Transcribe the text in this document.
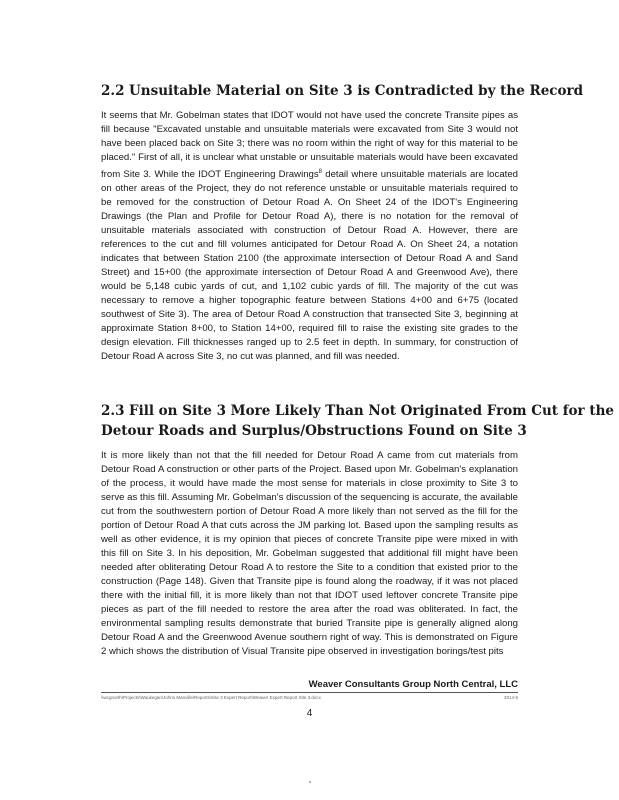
2.2 Unsuitable Material on Site 3 is Contradicted by the Record

It seems that Mr. Gobelman states that IDOT would not have used the concrete Transite pipes as fill because "Excavated unstable and unsuitable materials were excavated from Site 3 would not have been placed back on Site 3; there was no room within the right of way for this material to be placed." First of all, it is unclear what unstable or unsuitable materials would have been excavated from Site 3. While the IDOT Engineering Drawings$^8$ detail where unsuitable materials are located on other areas of the Project, they do not reference unstable or unsuitable materials required to be removed for the construction of Detour Road A. On Sheet 24 of the IDOT's Engineering Drawings (the Plan and Profile for Detour Road A), there is no notation for the removal of unsuitable materials associated with construction of Detour Road A. However, there are references to the cut and fill volumes anticipated for Detour Road A. On Sheet 24, a notation indicates that between Station 2100 (the approximate intersection of Detour Road A and Sand Street) and 15+00 (the approximate intersection of Detour Road A and Greenwood Ave), there would be 5,148 cubic yards of cut, and 1,102 cubic yards of fill. The majority of the cut was necessary to remove a higher topographic feature between Stations 4+00 and 6+75 (located southwest of Site 3). The area of Detour Road A construction that transected Site 3, beginning at approximate Station 8+00, to Station 14+00, required fill to raise the existing site grades to the design elevation. Fill thicknesses ranged up to 2.5 feet in depth. In summary, for construction of Detour Road A across Site 3, no cut was planned, and fill was needed.

2.3 Fill on Site 3 More Likely Than Not Originated From Cut for the
Detour Roads and Surplus/Obstructions Found on Site 3

It is more likely than not that the fill needed for Detour Road A came from cut materials from Detour Road A construction or other parts of the Project. Based upon Mr. Gobelman's explanation of the process, it would have made the most sense for materials in close proximity to Site 3 to serve as this fill. Assuming Mr. Gobelman's discussion of the sequencing is accurate, the available cut from the southwestern portion of Detour Road A more likely than not served as the fill for the portion of Detour Road A that cuts across the JM parking lot. Based upon the sampling results as well as other evidence, it is my opinion that pieces of concrete Transite pipe were mixed in with this fill on Site 3. In his deposition, Mr. Gobelman suggested that additional fill might have been needed after obliterating Detour Road A to restore the Site to a condition that existed prior to the construction (Page 148). Given that Transite pipe is found along the roadway, if it was not placed there with the initial fill, it is more likely than not that IDOT used leftover concrete Transite pipe pieces as part of the fill needed to restore the area after the road was obliterated. In fact, the environmental sampling results demonstrate that buried Transite pipe is generally aligned along Detour Road A and the Greenwood Avenue southern right of way. This is demonstrated on Figure 2 which shows the distribution of Visual Transite pipe observed in investigation borings/test pits

Weaver Consultants Group North Central, LLC

\\wcgnorth\Projects\Waukegan\Johns Manville\Reports\Site 3 Expert Report\Weaver Expert Report Site 3.docx	2014-5

4
